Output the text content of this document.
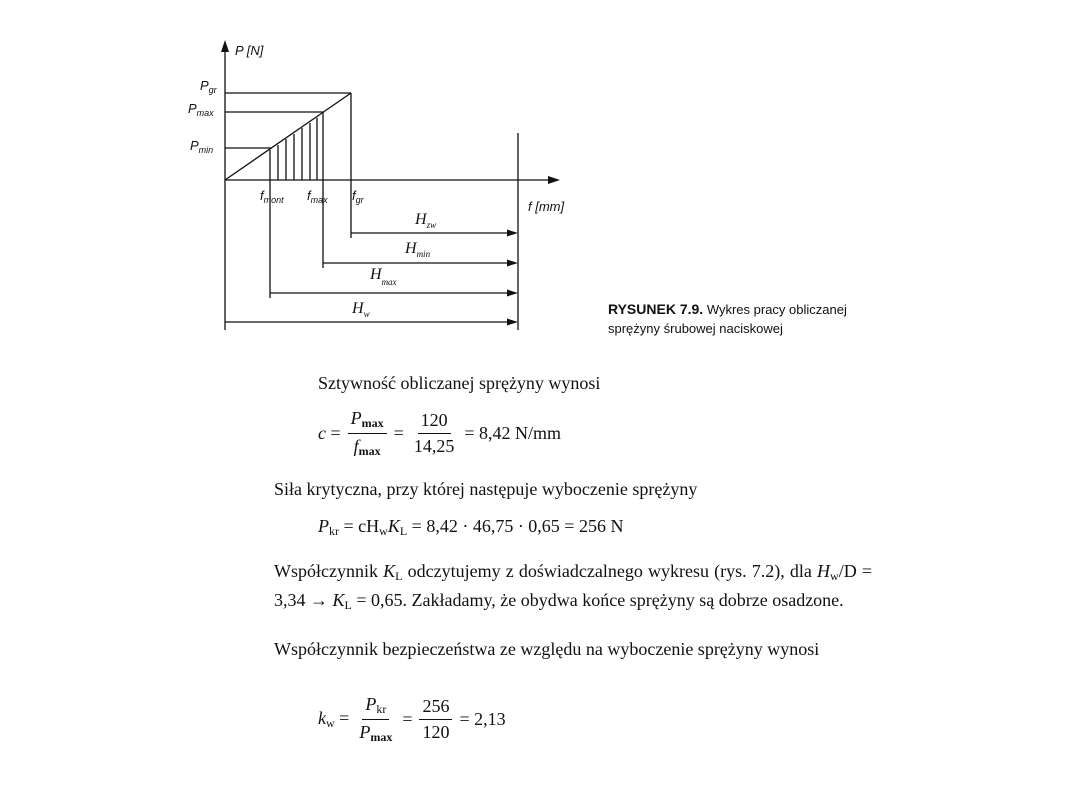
P [N]
f [mm]
$P_{gr}$
$P_{max}$
$P_{min}$
$f_{mont}$ $f_{max}$ $f_{gr}$
$H_{zw}$
$H_{min}$
$H_{max}$
$H_w$	RYSUNEK 7.9. Wykres pracy obliczanej sprężyny śrubowej naciskowej
Sztywność obliczanej sprężyny wynosi
$c = \frac{Pmax}{fmax} = \frac{120}{14,25} = 8,42$ N/mm
Siła krytyczna, przy której następuje wyboczenie sprężyny
Pkr = cHwKL = 8,42 · 46,75 · 0,65 = 256 N
Współczynnik KL odczytujemy z doświadczalnego wykresu (rys. 7.2), dla Hw/D = 3,34 → KL = 0,65. Zakładamy, że obydwa końce sprężyny są dobrze osadzone.
Współczynnik bezpieczeństwa ze względu na wyboczenie sprężyny wynosi
kw = $\frac{\text{Pkr}}{Pmax} = \frac{256}{120} = 2,13$
